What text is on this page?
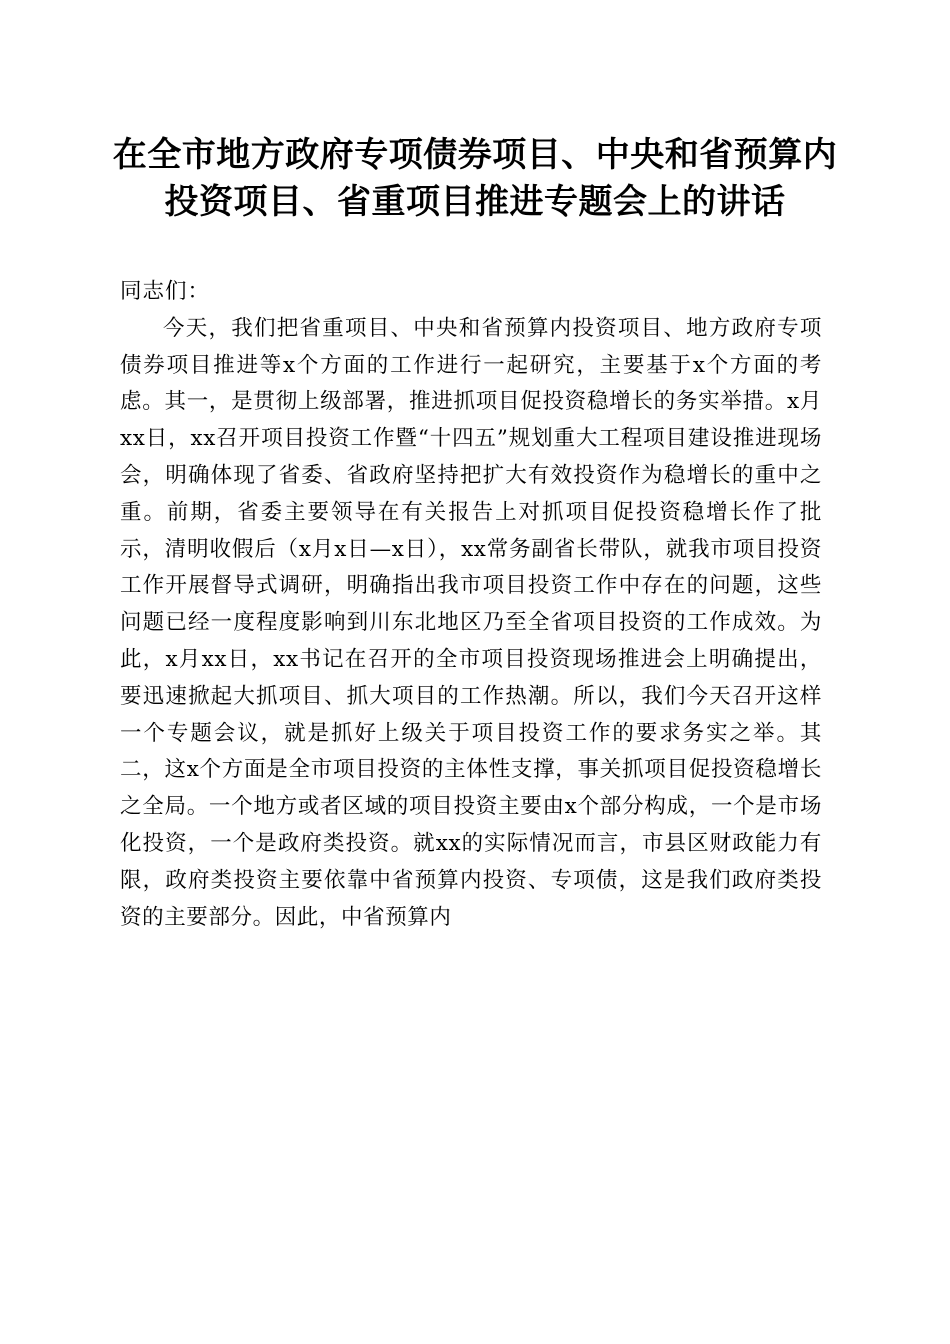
在全市地方政府专项债券项目、中央和省预算内投资项目、省重项目推进专题会上的讲话

同志们：

今天，我们把省重项目、中央和省预算内投资项目、地方政府专项债券项目推进等x个方面的工作进行一起研究，主要基于x个方面的考虑。其一，是贯彻上级部署，推进抓项目促投资稳增长的务实举措。x月xx日，xx召开项目投资工作暨“十四五”规划重大工程项目建设推进现场会，明确体现了省委、省政府坚持把扩大有效投资作为稳增长的重中之重。前期，省委主要领导在有关报告上对抓项目促投资稳增长作了批示，清明收假后（x月x日—x日），xx常务副省长带队，就我市项目投资工作开展督导式调研，明确指出我市项目投资工作中存在的问题，这些问题已经一度程度影响到川东北地区乃至全省项目投资的工作成效。为此，x月xx日，xx书记在召开的全市项目投资现场推进会上明确提出，要迅速掀起大抓项目、抓大项目的工作热潮。所以，我们今天召开这样一个专题会议，就是抓好上级关于项目投资工作的要求务实之举。其二，这x个方面是全市项目投资的主体性支撑，事关抓项目促投资稳增长之全局。一个地方或者区域的项目投资主要由x个部分构成，一个是市场化投资，一个是政府类投资。就xx的实际情况而言，市县区财政能力有限，政府类投资主要依靠中省预算内投资、专项债，这是我们政府类投资的主要部分。因此，中省预算内
